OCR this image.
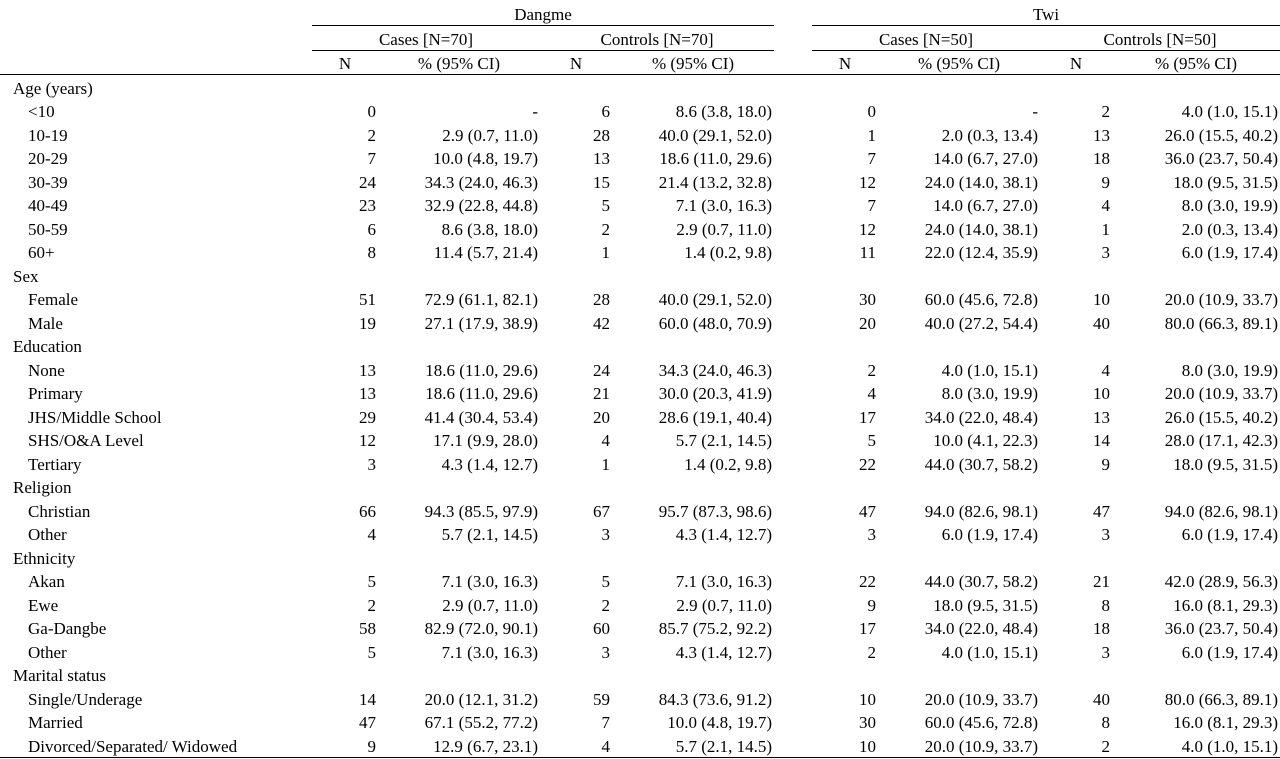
	Dangme					Twi			
	Cases [N=70]		Controls [N=70]			Cases [N=50]		Controls [N=50]	
	N	% (95% CI)	N	% (95% CI)		N	% (95% CI)	N	% (95% CI)
Age (years)									
<10	0	-	6	8.6 (3.8, 18.0)		0	-	2	4.0 (1.0, 15.1)
10-19	2	2.9 (0.7, 11.0)	28	40.0 (29.1, 52.0)		1	2.0 (0.3, 13.4)	13	26.0 (15.5, 40.2)
20-29	7	10.0 (4.8, 19.7)	13	18.6 (11.0, 29.6)		7	14.0 (6.7, 27.0)	18	36.0 (23.7, 50.4)
30-39	24	34.3 (24.0, 46.3)	15	21.4 (13.2, 32.8)		12	24.0 (14.0, 38.1)	9	18.0 (9.5, 31.5)
40-49	23	32.9 (22.8, 44.8)	5	7.1 (3.0, 16.3)		7	14.0 (6.7, 27.0)	4	8.0 (3.0, 19.9)
50-59	6	8.6 (3.8, 18.0)	2	2.9 (0.7, 11.0)		12	24.0 (14.0, 38.1)	1	2.0 (0.3, 13.4)
60+	8	11.4 (5.7, 21.4)	1	1.4 (0.2, 9.8)		11	22.0 (12.4, 35.9)	3	6.0 (1.9, 17.4)
Sex									
Female	51	72.9 (61.1, 82.1)	28	40.0 (29.1, 52.0)		30	60.0 (45.6, 72.8)	10	20.0 (10.9, 33.7)
Male	19	27.1 (17.9, 38.9)	42	60.0 (48.0, 70.9)		20	40.0 (27.2, 54.4)	40	80.0 (66.3, 89.1)
Education									
None	13	18.6 (11.0, 29.6)	24	34.3 (24.0, 46.3)		2	4.0 (1.0, 15.1)	4	8.0 (3.0, 19.9)
Primary	13	18.6 (11.0, 29.6)	21	30.0 (20.3, 41.9)		4	8.0 (3.0, 19.9)	10	20.0 (10.9, 33.7)
JHS/Middle School	29	41.4 (30.4, 53.4)	20	28.6 (19.1, 40.4)		17	34.0 (22.0, 48.4)	13	26.0 (15.5, 40.2)
SHS/O&A Level	12	17.1 (9.9, 28.0)	4	5.7 (2.1, 14.5)		5	10.0 (4.1, 22.3)	14	28.0 (17.1, 42.3)
Tertiary	3	4.3 (1.4, 12.7)	1	1.4 (0.2, 9.8)		22	44.0 (30.7, 58.2)	9	18.0 (9.5, 31.5)
Religion									
Christian	66	94.3 (85.5, 97.9)	67	95.7 (87.3, 98.6)		47	94.0 (82.6, 98.1)	47	94.0 (82.6, 98.1)
Other	4	5.7 (2.1, 14.5)	3	4.3 (1.4, 12.7)		3	6.0 (1.9, 17.4)	3	6.0 (1.9, 17.4)
Ethnicity									
Akan	5	7.1 (3.0, 16.3)	5	7.1 (3.0, 16.3)		22	44.0 (30.7, 58.2)	21	42.0 (28.9, 56.3)
Ewe	2	2.9 (0.7, 11.0)	2	2.9 (0.7, 11.0)		9	18.0 (9.5, 31.5)	8	16.0 (8.1, 29.3)
Ga-Dangbe	58	82.9 (72.0, 90.1)	60	85.7 (75.2, 92.2)		17	34.0 (22.0, 48.4)	18	36.0 (23.7, 50.4)
Other	5	7.1 (3.0, 16.3)	3	4.3 (1.4, 12.7)		2	4.0 (1.0, 15.1)	3	6.0 (1.9, 17.4)
Marital status									
Single/Underage	14	20.0 (12.1, 31.2)	59	84.3 (73.6, 91.2)		10	20.0 (10.9, 33.7)	40	80.0 (66.3, 89.1)
Married	47	67.1 (55.2, 77.2)	7	10.0 (4.8, 19.7)		30	60.0 (45.6, 72.8)	8	16.0 (8.1, 29.3)
Divorced/Separated/ Widowed	9	12.9 (6.7, 23.1)	4	5.7 (2.1, 14.5)		10	20.0 (10.9, 33.7)	2	4.0 (1.0, 15.1)
